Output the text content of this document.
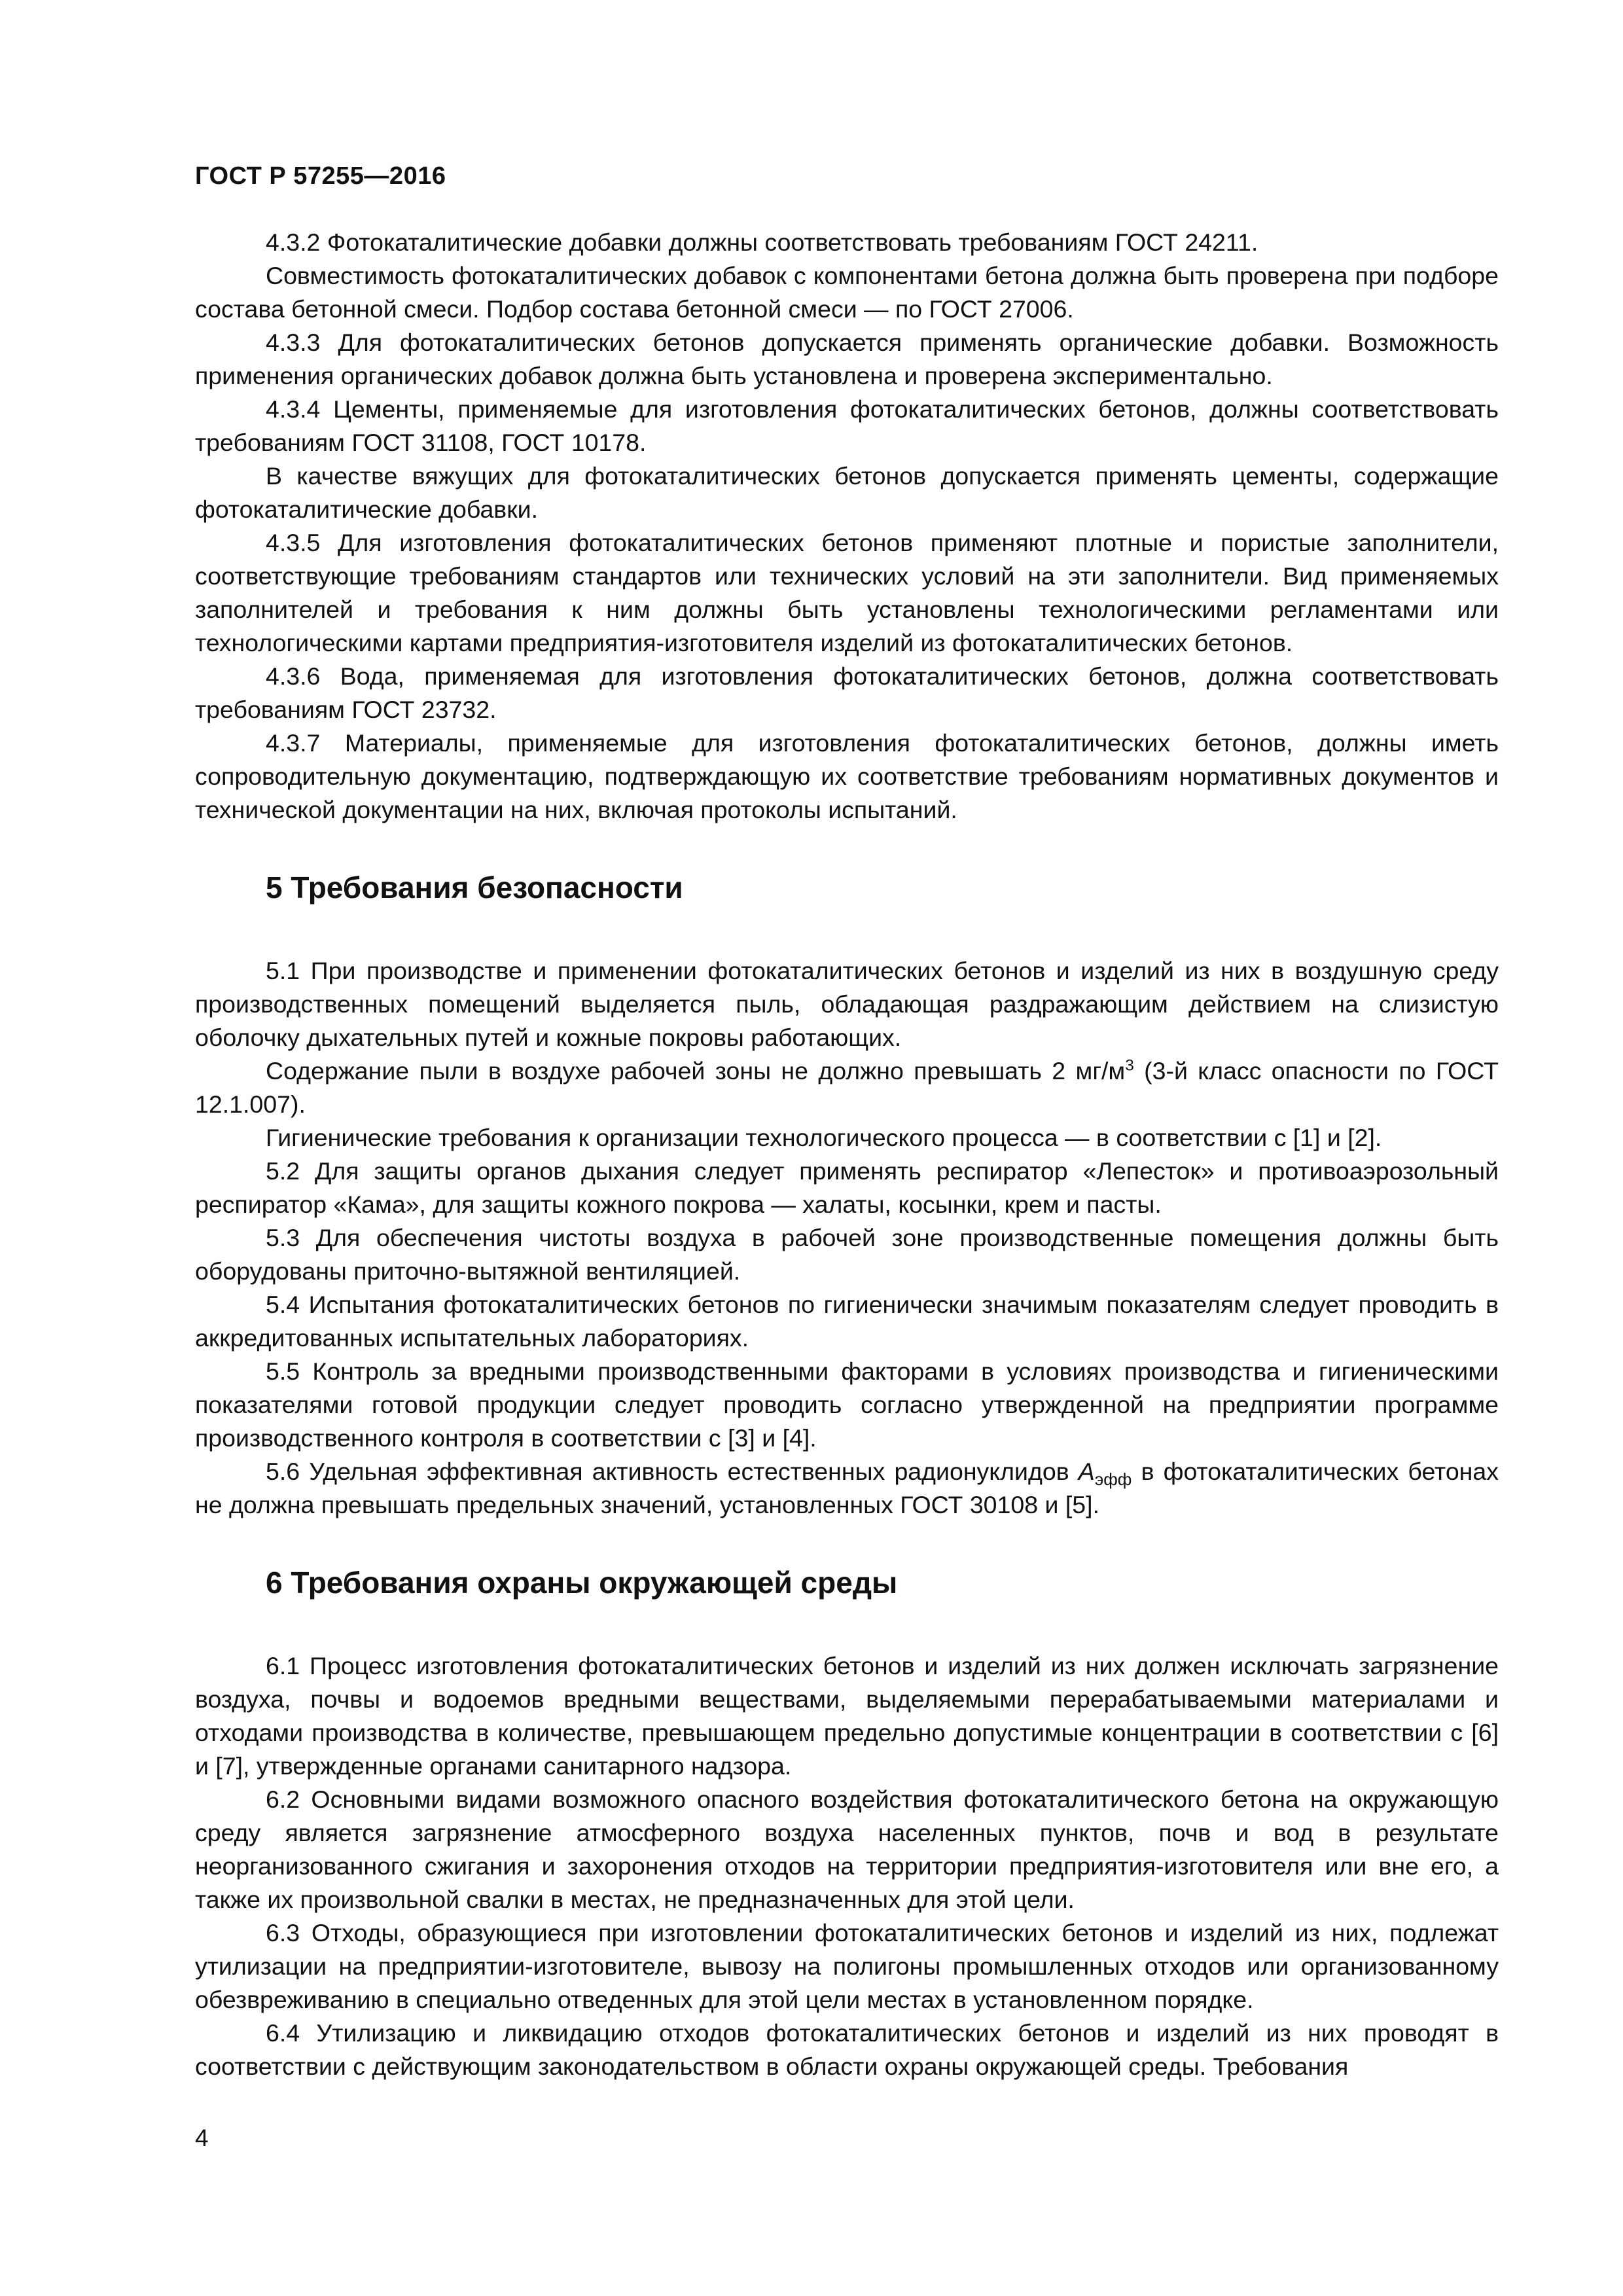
ГОСТ Р 57255—2016

4.3.2 Фотокаталитические добавки должны соответствовать требованиям ГОСТ 24211.

Совместимость фотокаталитических добавок с компонентами бетона должна быть проверена при подборе состава бетонной смеси. Подбор состава бетонной смеси — по ГОСТ 27006.

4.3.3 Для фотокаталитических бетонов допускается применять органические добавки. Возможность применения органических добавок должна быть установлена и проверена экспериментально.

4.3.4 Цементы, применяемые для изготовления фотокаталитических бетонов, должны соответствовать требованиям ГОСТ 31108, ГОСТ 10178.

В качестве вяжущих для фотокаталитических бетонов допускается применять цементы, содержащие фотокаталитические добавки.

4.3.5 Для изготовления фотокаталитических бетонов применяют плотные и пористые заполнители, соответствующие требованиям стандартов или технических условий на эти заполнители. Вид применяемых заполнителей и требования к ним должны быть установлены технологическими регламентами или технологическими картами предприятия-изготовителя изделий из фотокаталитических бетонов.

4.3.6 Вода, применяемая для изготовления фотокаталитических бетонов, должна соответствовать требованиям ГОСТ 23732.

4.3.7 Материалы, применяемые для изготовления фотокаталитических бетонов, должны иметь сопроводительную документацию, подтверждающую их соответствие требованиям нормативных документов и технической документации на них, включая протоколы испытаний.

5 Требования безопасности

5.1 При производстве и применении фотокаталитических бетонов и изделий из них в воздушную среду производственных помещений выделяется пыль, обладающая раздражающим действием на слизистую оболочку дыхательных путей и кожные покровы работающих.

Содержание пыли в воздухе рабочей зоны не должно превышать 2 $мг/м^3$ (3-й класс опасности по ГОСТ 12.1.007).

Гигиенические требования к организации технологического процесса — в соответствии с [1] и [2].

5.2 Для защиты органов дыхания следует применять респиратор «Лепесток» и противоаэрозольный респиратор «Кама», для защиты кожного покрова — халаты, косынки, крем и пасты.

5.3 Для обеспечения чистоты воздуха в рабочей зоне производственные помещения должны быть оборудованы приточно-вытяжной вентиляцией.

5.4 Испытания фотокаталитических бетонов по гигиенически значимым показателям следует проводить в аккредитованных испытательных лабораториях.

5.5 Контроль за вредными производственными факторами в условиях производства и гигиеническими показателями готовой продукции следует проводить согласно утвержденной на предприятии программе производственного контроля в соответствии с [3] и [4].

5.6 Удельная эффективная активность естественных радионуклидов $A_{эфф}$ в фотокаталитических бетонах не должна превышать предельных значений, установленных ГОСТ 30108 и [5].

6 Требования охраны окружающей среды

6.1 Процесс изготовления фотокаталитических бетонов и изделий из них должен исключать загрязнение воздуха, почвы и водоемов вредными веществами, выделяемыми перерабатываемыми материалами и отходами производства в количестве, превышающем предельно допустимые концентрации в соответствии с [6] и [7], утвержденные органами санитарного надзора.

6.2 Основными видами возможного опасного воздействия фотокаталитического бетона на окружающую среду является загрязнение атмосферного воздуха населенных пунктов, почв и вод в результате неорганизованного сжигания и захоронения отходов на территории предприятия-изготовителя или вне его, а также их произвольной свалки в местах, не предназначенных для этой цели.

6.3 Отходы, образующиеся при изготовлении фотокаталитических бетонов и изделий из них, подлежат утилизации на предприятии-изготовителе, вывозу на полигоны промышленных отходов или организованному обезвреживанию в специально отведенных для этой цели местах в установленном порядке.

6.4 Утилизацию и ликвидацию отходов фотокаталитических бетонов и изделий из них проводят в соответствии с действующим законодательством в области охраны окружающей среды. Требования

4
